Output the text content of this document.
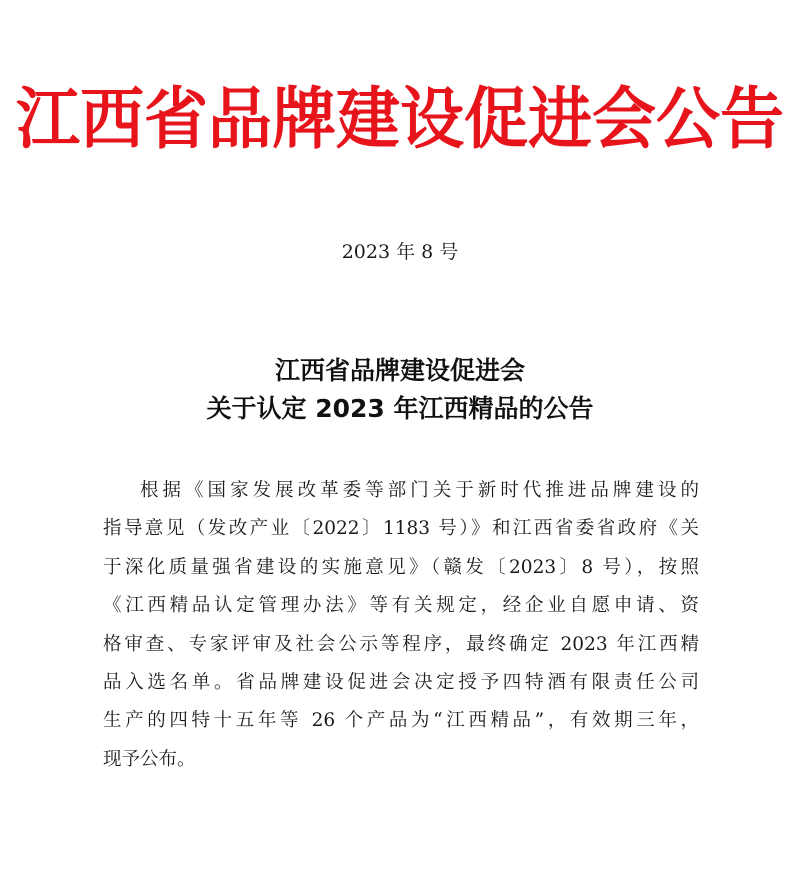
江西省品牌建设促进会公告
2023 年 8 号
江西省品牌建设促进会
关于认定 2023 年江西精品的公告
根据《国家发展改革委等部门关于新时代推进品牌建设的
指导意见（发改产业〔2022〕1183 号）》和江西省委省政府《关
于深化质量强省建设的实施意见》（赣发〔2023〕8 号），按照
《江西精品认定管理办法》等有关规定，经企业自愿申请、资
格审查、专家评审及社会公示等程序，最终确定 2023 年江西精
品入选名单。省品牌建设促进会决定授予四特酒有限责任公司
生产的四特十五年等 26 个产品为“江西精品”，有效期三年，
现予公布。
